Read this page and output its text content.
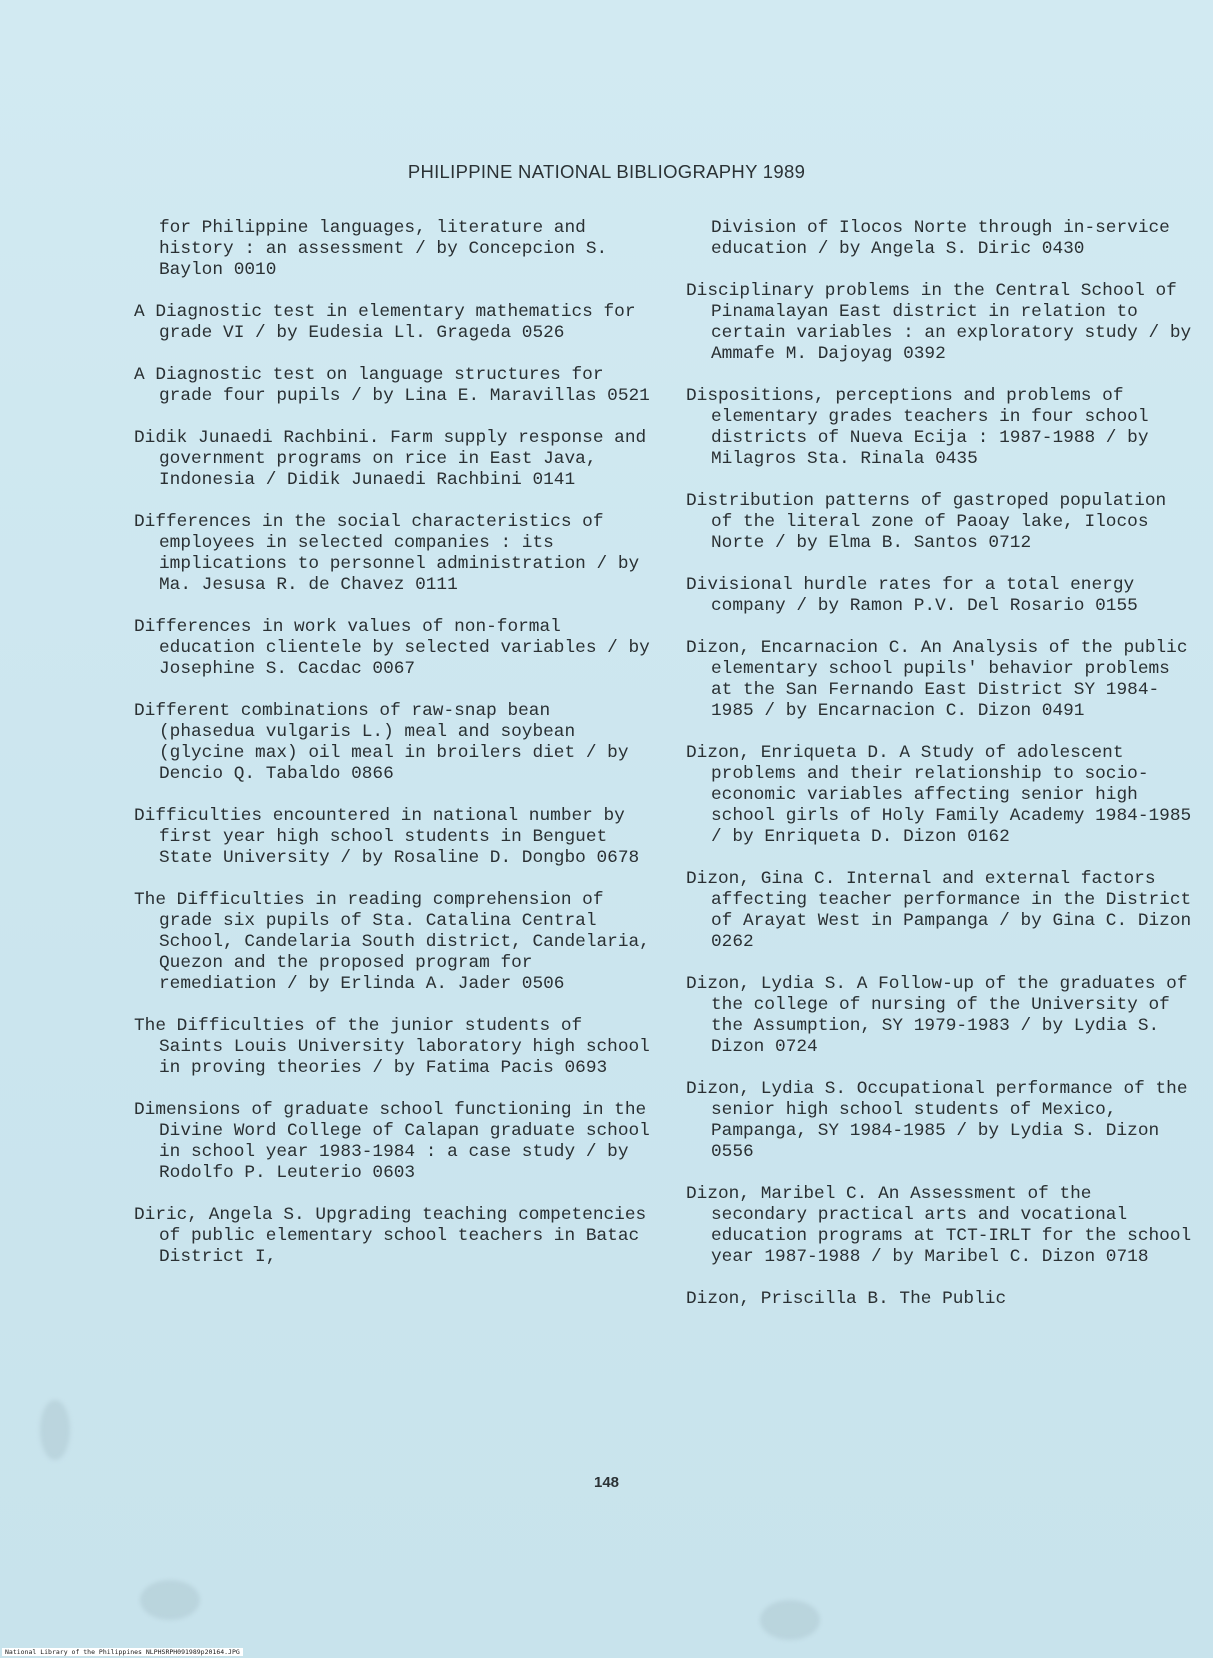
PHILIPPINE NATIONAL BIBLIOGRAPHY 1989

for Philippine languages, literature and history : an assessment / by Concepcion S. Baylon 0010

A Diagnostic test in elementary mathematics for grade VI / by Eudesia Ll. Grageda 0526

A Diagnostic test on language structures for grade four pupils / by Lina E. Maravillas 0521

Didik Junaedi Rachbini. Farm supply response and government programs on rice in East Java, Indonesia / Didik Junaedi Rachbini 0141

Differences in the social characteristics of employees in selected companies : its implications to personnel administration / by Ma. Jesusa R. de Chavez 0111

Differences in work values of non-formal education clientele by selected variables / by Josephine S. Cacdac 0067

Different combinations of raw-snap bean (phasedua vulgaris L.) meal and soybean (glycine max) oil meal in broilers diet / by Dencio Q. Tabaldo 0866

Difficulties encountered in national number by first year high school students in Benguet State University / by Rosaline D. Dongbo 0678

The Difficulties in reading comprehension of grade six pupils of Sta. Catalina Central School, Candelaria South district, Candelaria, Quezon and the proposed program for remediation / by Erlinda A. Jader 0506

The Difficulties of the junior students of Saints Louis University laboratory high school in proving theories / by Fatima Pacis 0693

Dimensions of graduate school functioning in the Divine Word College of Calapan graduate school in school year 1983-1984 : a case study / by Rodolfo P. Leuterio 0603

Diric, Angela S. Upgrading teaching competencies of public elementary school teachers in Batac District I,

Division of Ilocos Norte through in-service education / by Angela S. Diric 0430

Disciplinary problems in the Central School of Pinamalayan East district in relation to certain variables : an exploratory study / by Ammafe M. Dajoyag 0392

Dispositions, perceptions and problems of elementary grades teachers in four school districts of Nueva Ecija : 1987-1988 / by Milagros Sta. Rinala 0435

Distribution patterns of gastroped population of the literal zone of Paoay lake, Ilocos Norte / by Elma B. Santos 0712

Divisional hurdle rates for a total energy company / by Ramon P.V. Del Rosario 0155

Dizon, Encarnacion C. An Analysis of the public elementary school pupils' behavior problems at the San Fernando East District SY 1984-1985 / by Encarnacion C. Dizon 0491

Dizon, Enriqueta D. A Study of adolescent problems and their relationship to socio-economic variables affecting senior high school girls of Holy Family Academy 1984-1985 / by Enriqueta D. Dizon 0162

Dizon, Gina C. Internal and external factors affecting teacher performance in the District of Arayat West in Pampanga / by Gina C. Dizon 0262

Dizon, Lydia S. A Follow-up of the graduates of the college of nursing of the University of the Assumption, SY 1979-1983 / by Lydia S. Dizon 0724

Dizon, Lydia S. Occupational performance of the senior high school students of Mexico, Pampanga, SY 1984-1985 / by Lydia S. Dizon 0556

Dizon, Maribel C. An Assessment of the secondary practical arts and vocational education programs at TCT-IRLT for the school year 1987-1988 / by Maribel C. Dizon 0718

Dizon, Priscilla B. The Public

148
National Library of the Philippines NLPHSRPH091989p20164.JPG
